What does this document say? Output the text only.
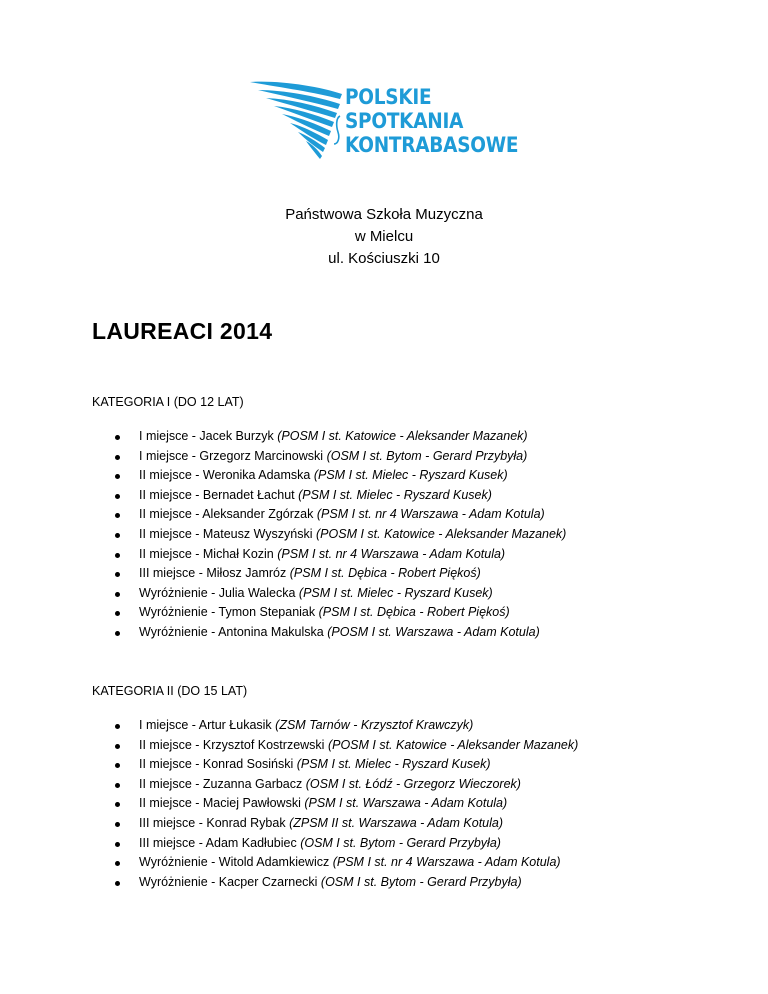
POLSKIE
SPOTKANIA
KONTRABASOWE
Państwowa Szkoła Muzyczna
w Mielcu
ul. Kościuszki 10
LAUREACI 2014

KATEGORIA I (DO 12 LAT)

I miejsce - Jacek Burzyk (POSM I st. Katowice - Aleksander Mazanek)
I miejsce - Grzegorz Marcinowski (OSM I st. Bytom - Gerard Przybyła)
II miejsce - Weronika Adamska (PSM I st. Mielec - Ryszard Kusek)
II miejsce - Bernadet Łachut (PSM I st. Mielec - Ryszard Kusek)
II miejsce - Aleksander Zgórzak (PSM I st. nr 4 Warszawa - Adam Kotula)
II miejsce - Mateusz Wyszyński (POSM I st. Katowice - Aleksander Mazanek)
II miejsce - Michał Kozin (PSM I st. nr 4 Warszawa - Adam Kotula)
III miejsce - Miłosz Jamróz (PSM I st. Dębica - Robert Piękoś)
Wyróżnienie - Julia Walecka (PSM I st. Mielec - Ryszard Kusek)
Wyróżnienie - Tymon Stepaniak (PSM I st. Dębica - Robert Piękoś)
Wyróżnienie - Antonina Makulska (POSM I st. Warszawa - Adam Kotula)

KATEGORIA II (DO 15 LAT)

I miejsce - Artur Łukasik (ZSM Tarnów - Krzysztof Krawczyk)
II miejsce - Krzysztof Kostrzewski (POSM I st. Katowice - Aleksander Mazanek)
II miejsce - Konrad Sosiński (PSM I st. Mielec - Ryszard Kusek)
II miejsce - Zuzanna Garbacz (OSM I st. Łódź - Grzegorz Wieczorek)
II miejsce - Maciej Pawłowski (PSM I st. Warszawa - Adam Kotula)
III miejsce - Konrad Rybak (ZPSM II st. Warszawa - Adam Kotula)
III miejsce - Adam Kadłubiec (OSM I st. Bytom - Gerard Przybyła)
Wyróżnienie - Witold Adamkiewicz (PSM I st. nr 4 Warszawa - Adam Kotula)
Wyróżnienie - Kacper Czarnecki (OSM I st. Bytom - Gerard Przybyła)
